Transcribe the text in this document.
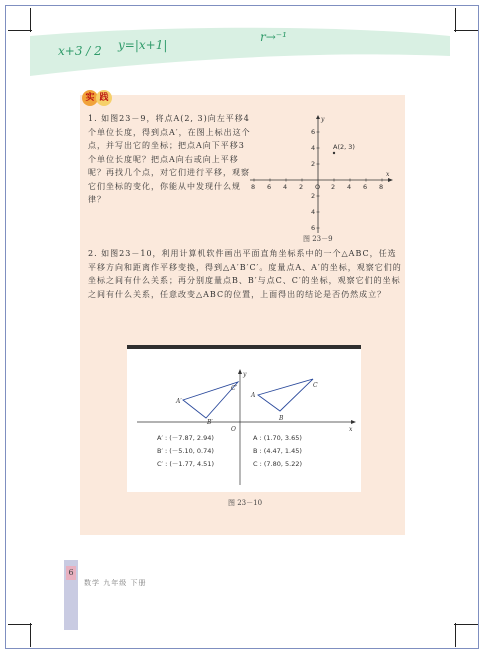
x+3 / 2 y=|x+1|
r→⁻¹
实 践
1. 如图23－9，将点A(2, 3)向左平移4个单位长度，得到点A′，在图上标出这个点，并写出它的坐标；把点A向下平移3个单位长度呢？把点A向右或向上平移呢？再找几个点，对它们进行平移，观察它们坐标的变化，你能从中发现什么规律？
8 6 4 2 O 2 4 6 8
6
4
2
2
4
6
x
y
A(2, 3)
图 23－9
2. 如图23－10，利用计算机软件画出平面直角坐标系中的一个△ABC，任选平移方向和距离作平移变换，得到△A′B′C′。度量点A、A′的坐标，观察它们的坐标之间有什么关系；再分别度量点B、B′与点C、C′的坐标，观察它们的坐标之间有什么关系，任意改变△ABC的位置，上面得出的结论是否仍然成立？
x
y
O
A′
B′
C′
A
B
C
A′ : (－7.87, 2.94)
B′ : (－5.10, 0.74)
C′ : (－1.77, 4.51)
A : (1.70, 3.65)
B : (4.47, 1.45)
C : (7.80, 5.22)
图 23－10
6
数学 九年级 下册
